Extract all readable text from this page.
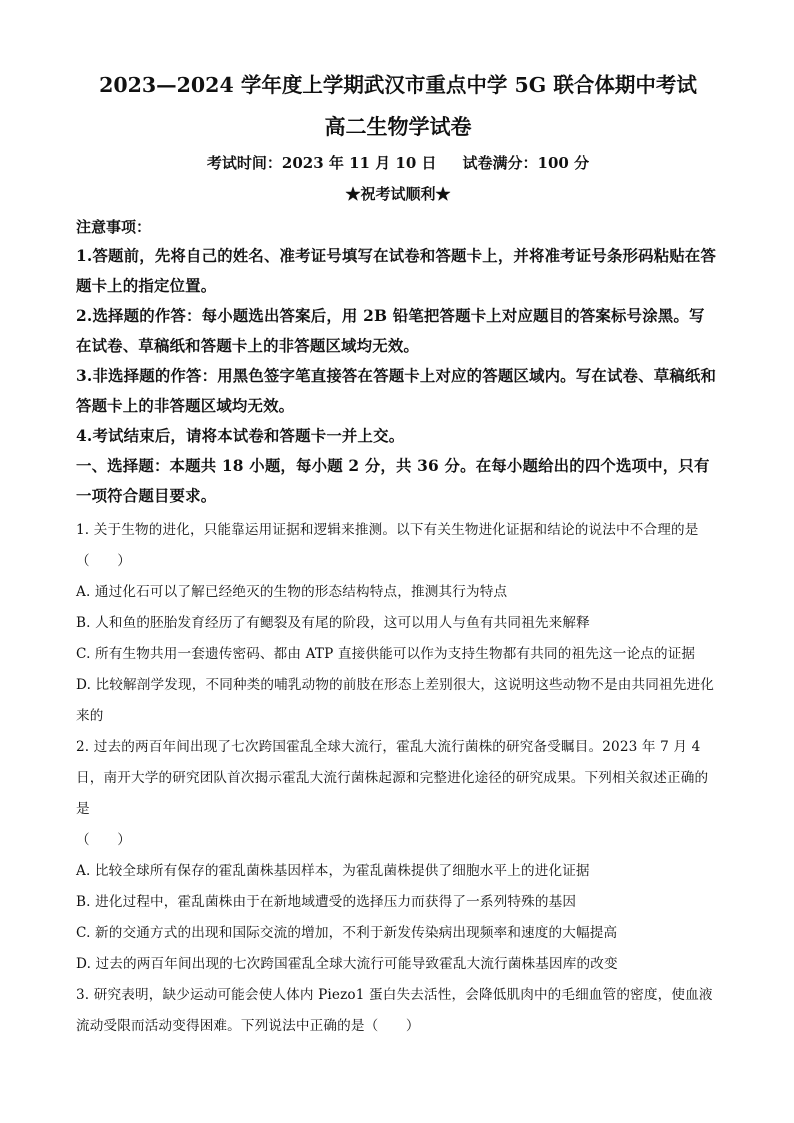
2023—2024 学年度上学期武汉市重点中学 5G 联合体期中考试
高二生物学试卷

考试时间：2023 年 11 月 10 日 试卷满分：100 分

★祝考试顺利★

注意事项：

1.答题前，先将自己的姓名、准考证号填写在试卷和答题卡上，并将准考证号条形码粘贴在答题卡上的指定位置。

2.选择题的作答：每小题选出答案后，用 2B 铅笔把答题卡上对应题目的答案标号涂黑。写在试卷、草稿纸和答题卡上的非答题区域均无效。

3.非选择题的作答：用黑色签字笔直接答在答题卡上对应的答题区域内。写在试卷、草稿纸和答题卡上的非答题区域均无效。

4.考试结束后，请将本试卷和答题卡一并上交。

一、选择题：本题共 18 小题，每小题 2 分，共 36 分。在每小题给出的四个选项中，只有一项符合题目要求。

1. 关于生物的进化，只能靠运用证据和逻辑来推测。以下有关生物进化证据和结论的说法中不合理的是

（　　）

A. 通过化石可以了解已经绝灭的生物的形态结构特点，推测其行为特点

B. 人和鱼的胚胎发育经历了有鳃裂及有尾的阶段，这可以用人与鱼有共同祖先来解释

C. 所有生物共用一套遗传密码、都由 ATP 直接供能可以作为支持生物都有共同的祖先这一论点的证据

D. 比较解剖学发现，不同种类的哺乳动物的前肢在形态上差别很大，这说明这些动物不是由共同祖先进化来的

2. 过去的两百年间出现了七次跨国霍乱全球大流行，霍乱大流行菌株的研究备受瞩目。2023 年 7 月 4 日，南开大学的研究团队首次揭示霍乱大流行菌株起源和完整进化途径的研究成果。下列相关叙述正确的是

（　　）

A. 比较全球所有保存的霍乱菌株基因样本，为霍乱菌株提供了细胞水平上的进化证据

B. 进化过程中，霍乱菌株由于在新地域遭受的选择压力而获得了一系列特殊的基因

C. 新的交通方式的出现和国际交流的增加，不利于新发传染病出现频率和速度的大幅提高

D. 过去的两百年间出现的七次跨国霍乱全球大流行可能导致霍乱大流行菌株基因库的改变

3. 研究表明，缺少运动可能会使人体内 Piezo1 蛋白失去活性，会降低肌肉中的毛细血管的密度，使血液流动受限而活动变得困难。下列说法中正确的是（　　）
